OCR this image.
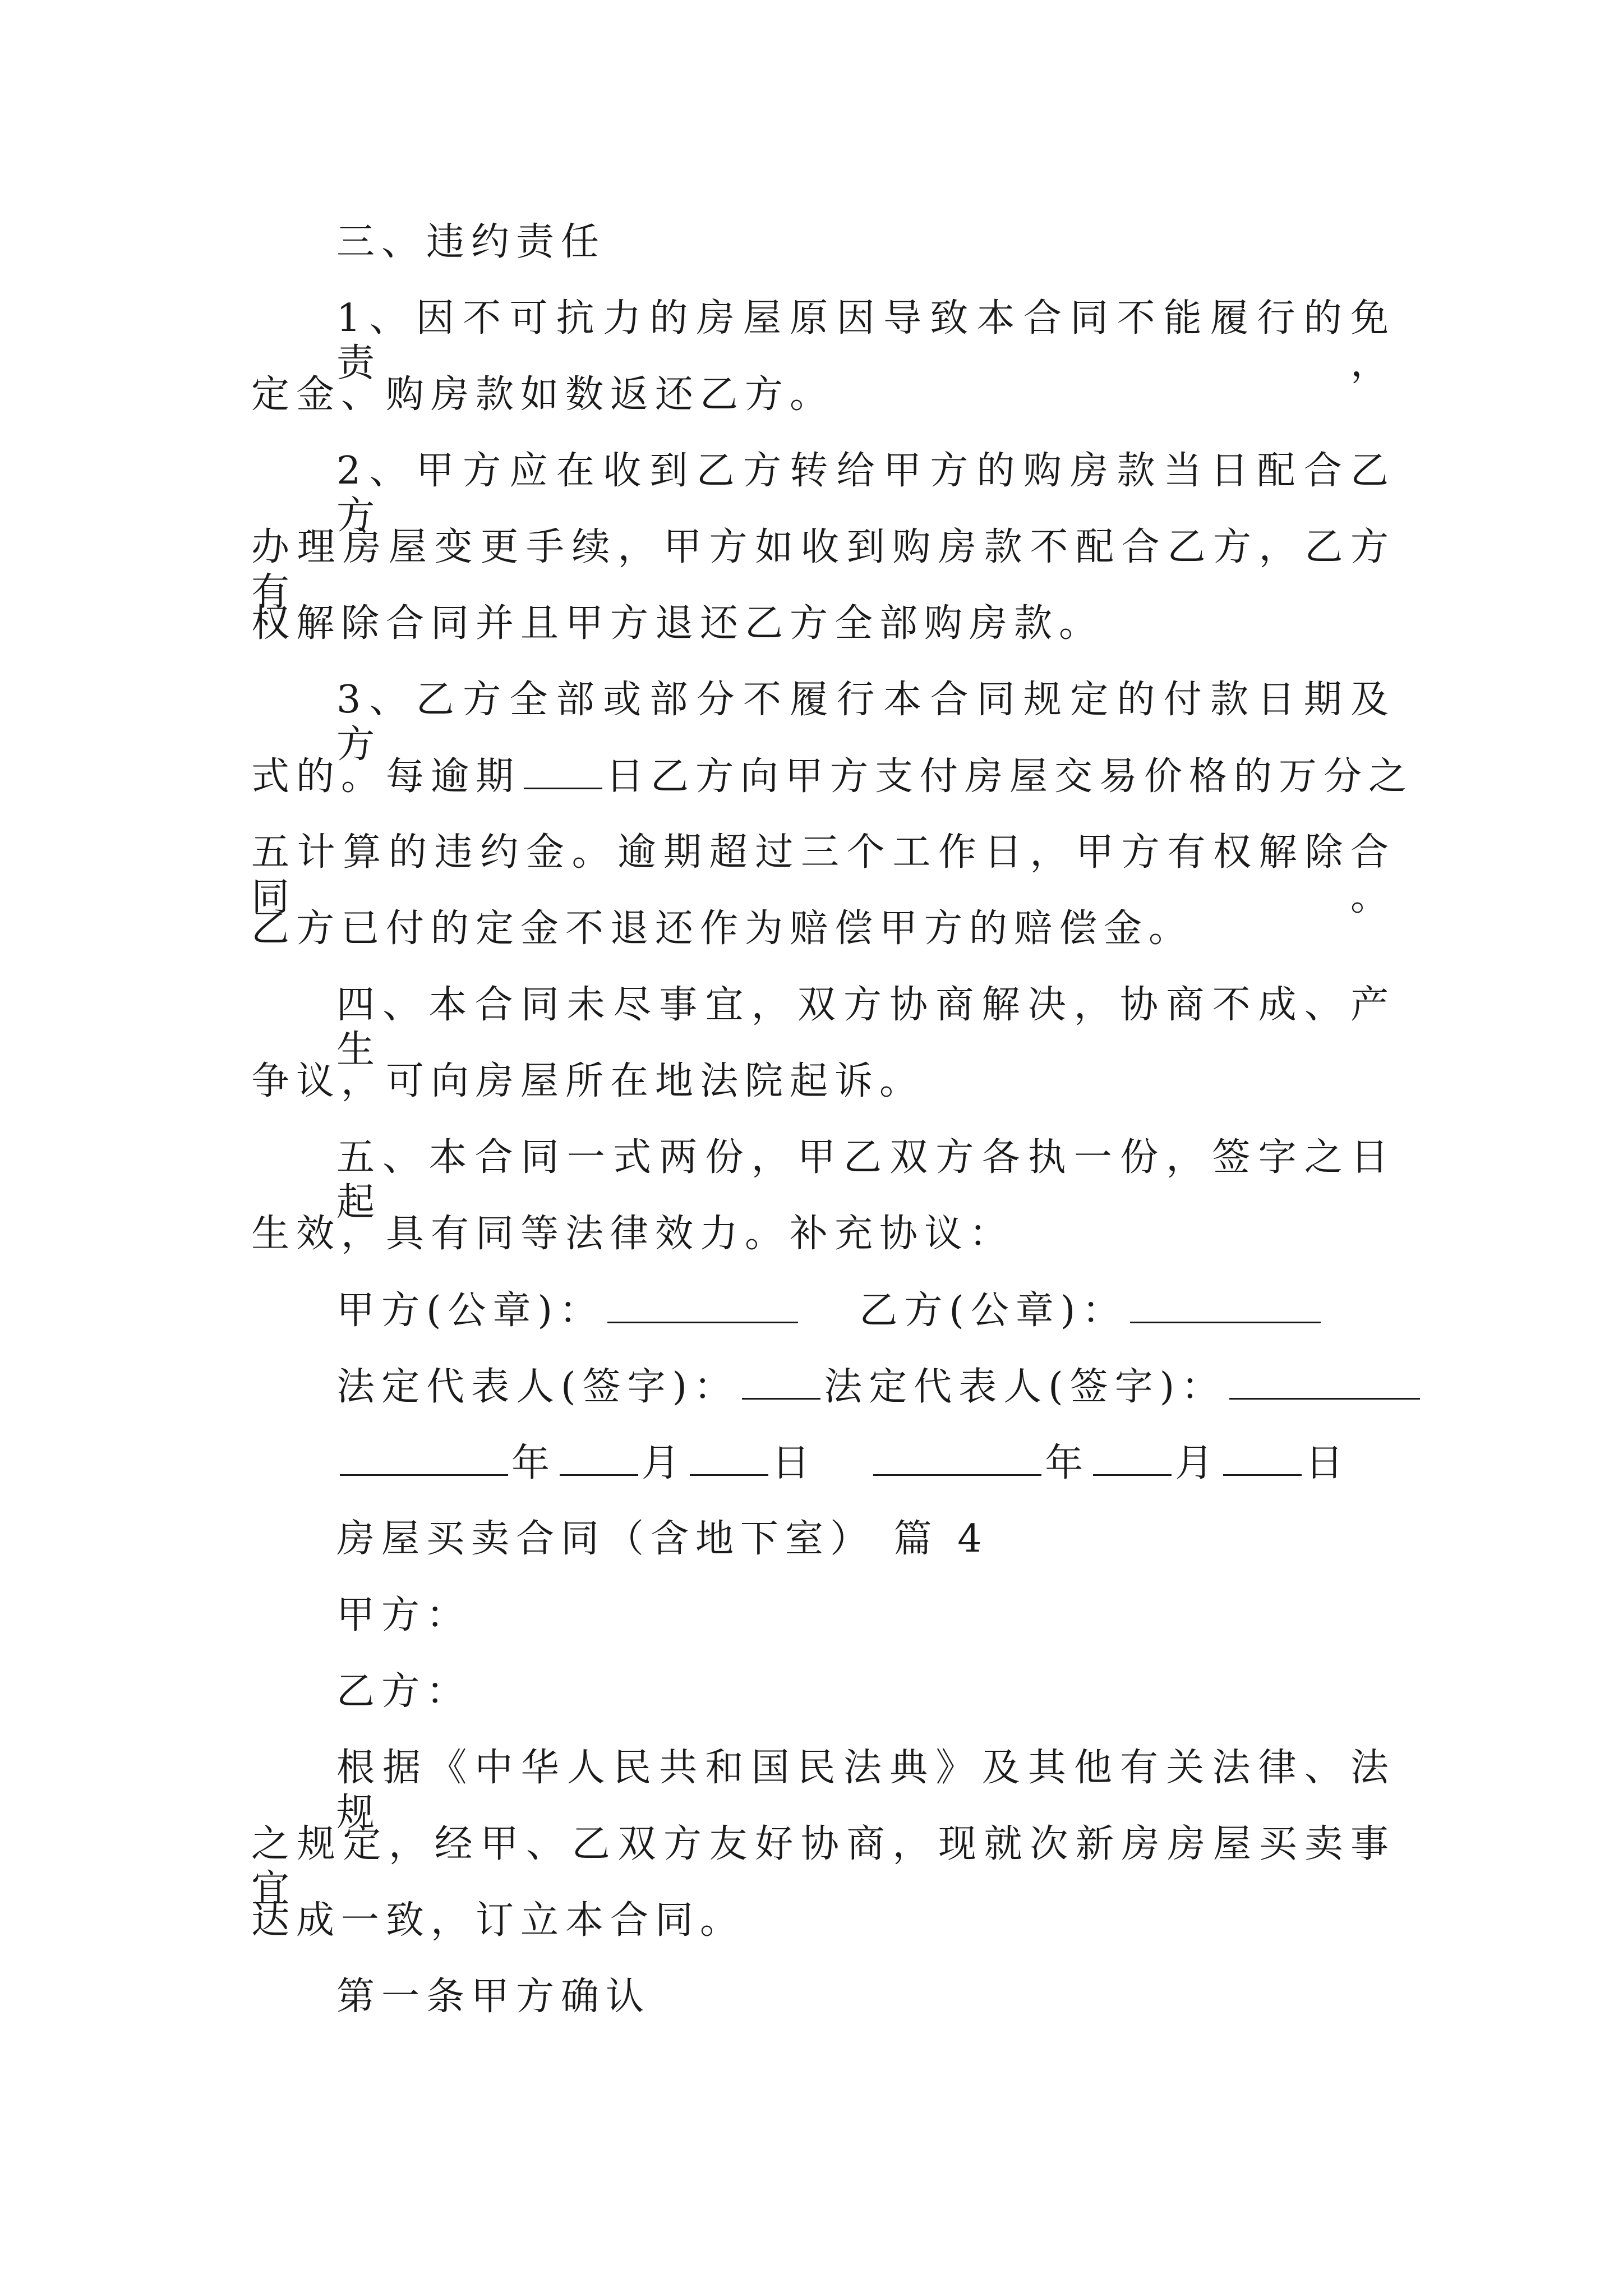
三、违约责任
1、因不可抗力的房屋原因导致本合同不能履行的免责，
定金、购房款如数返还乙方。
2、甲方应在收到乙方转给甲方的购房款当日配合乙方
办理房屋变更手续，甲方如收到购房款不配合乙方，乙方有
权解除合同并且甲方退还乙方全部购房款。
3、乙方全部或部分不履行本合同规定的付款日期及方
式的。每逾期 日乙方向甲方支付房屋交易价格的万分之
五计算的违约金。逾期超过三个工作日，甲方有权解除合同。
乙方已付的定金不退还作为赔偿甲方的赔偿金。
四、本合同未尽事宜，双方协商解决，协商不成、产生
争议，可向房屋所在地法院起诉。
五、本合同一式两份，甲乙双方各执一份，签字之日起
生效，具有同等法律效力。补充协议：
甲方(公章)：	乙方(公章)：
法定代表人(签字)： 法定代表人(签字)：
年 月 日	年 月 日
房屋买卖合同（含地下室） 篇 4
甲方：
乙方：
根据《中华人民共和国民法典》及其他有关法律、法规
之规定，经甲、乙双方友好协商，现就次新房房屋买卖事宜
达成一致，订立本合同。
第一条甲方确认
